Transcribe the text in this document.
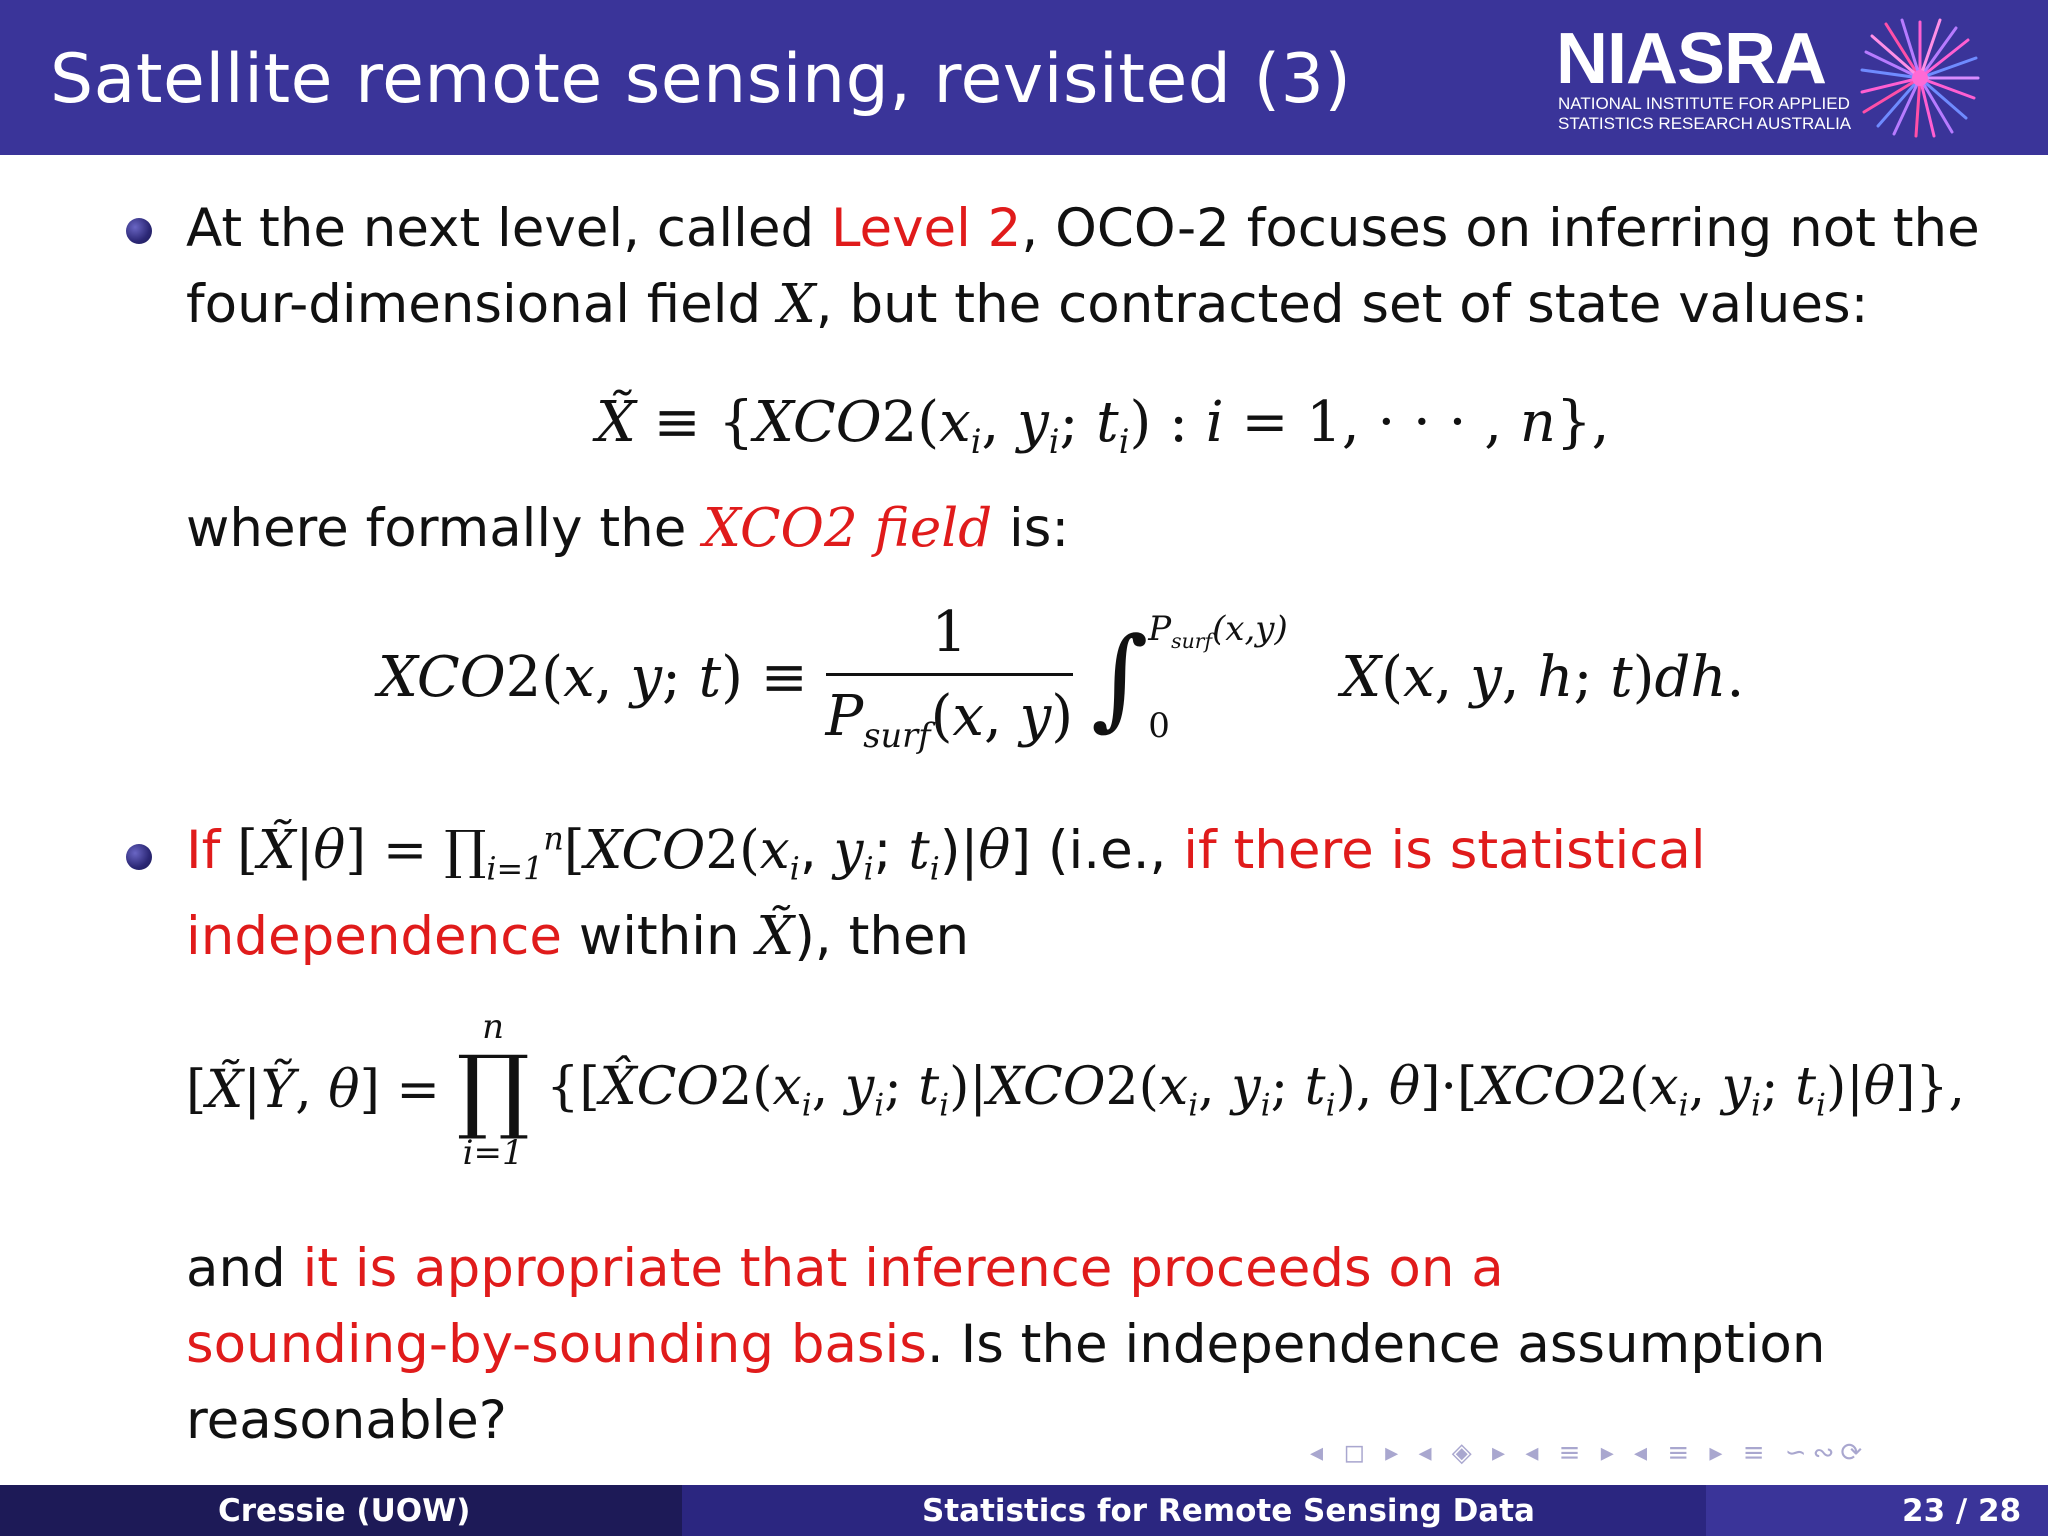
Satellite remote sensing, revisited (3)	NIASRA
NATIONAL INSTITUTE FOR APPLIED
STATISTICS RESEARCH AUSTRALIA
At the next level, called Level 2, OCO-2 focuses on inferring not the
four-dimensional field X, but the contracted set of state values:
X̃ ≡ {$XCO2(x_i$, $y_i$; $t_i$) : i = 1, · · · , n},
where formally the XCO2 field is:
XCO2(x, y; $t) \equiv \frac{1}{P_{surf}(x, y)}$ ∫ $P_{surf}(x,y)$
0
X(x, y, h; t)dh.
If [X̃|θ] = $\prod_{i=1}^n[XCO2(x_i$, $y_i$; $t_i)|\theta$] (i.e., if there is statistical
independence within X̃), then
[X̃|Ỹ, θ] =
n
∏
i=1
{[$X̂CO2(x_i$, $y_i$; $t_i)|XCO2(x_i$, $y_i$; $t_i$), $\theta]\cdot[XCO2(x_i$, $y_i$; $t_i)|\theta$]},
and it is appropriate that inference proceeds on a
sounding-by-sounding basis. Is the independence assumption
reasonable?
◂ ◻ ▸ ◂ ◈ ▸ ◂ ≡ ▸ ◂ ≡ ▸ ≡ ∽∾⟳
Cressie (UOW)	Statistics for Remote Sensing Data	23 / 28
